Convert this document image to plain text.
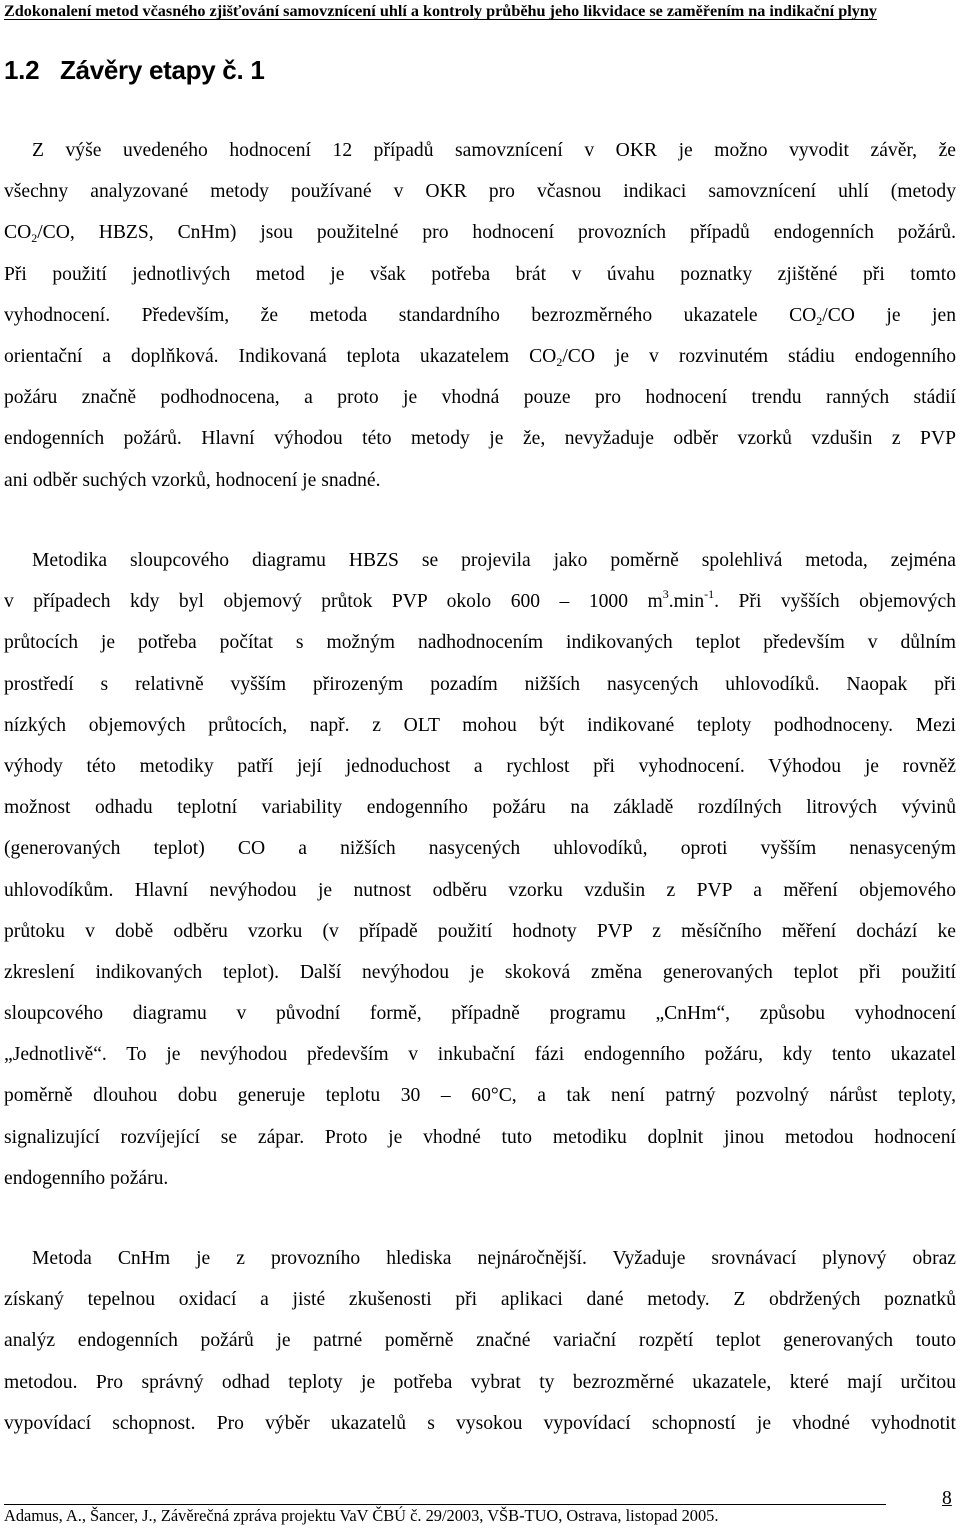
Zdokonalení metod včasného zjišťování samovznícení uhlí a kontroly průběhu jeho likvidace se zaměřením na indikační plyny
1.2 Závěry etapy č. 1
Z výše uvedeného hodnocení 12 případů samovznícení v OKR je možno vyvodit závěr, že
všechny analyzované metody používané v OKR pro včasnou indikaci samovznícení uhlí (metody
$CO_2/CO$, HBZS, CnHm) jsou použitelné pro hodnocení provozních případů endogenních požárů.
Při použití jednotlivých metod je však potřeba brát v úvahu poznatky zjištěné při tomto
vyhodnocení. Především, že metoda standardního bezrozměrného ukazatele $CO_2/CO$ je jen
orientační a doplňková. Indikovaná teplota ukazatelem $CO_2/CO$ je v rozvinutém stádiu endogenního
požáru značně podhodnocena, a proto je vhodná pouze pro hodnocení trendu ranných stádií
endogenních požárů. Hlavní výhodou této metody je že, nevyžaduje odběr vzorků vzdušin z PVP
ani odběr suchých vzorků, hodnocení je snadné.
Metodika sloupcového diagramu HBZS se projevila jako poměrně spolehlivá metoda, zejména
v případech kdy byl objemový průtok PVP okolo 600 – 1000 $m^3.\min^{-1}$. Při vyšších objemových
průtocích je potřeba počítat s možným nadhodnocením indikovaných teplot především v důlním
prostředí s relativně vyšším přirozeným pozadím nižších nasycených uhlovodíků. Naopak při
nízkých objemových průtocích, např. z OLT mohou být indikované teploty podhodnoceny. Mezi
výhody této metodiky patří její jednoduchost a rychlost při vyhodnocení. Výhodou je rovněž
možnost odhadu teplotní variability endogenního požáru na základě rozdílných litrových vývinů
(generovaných teplot) CO a nižších nasycených uhlovodíků, oproti vyšším nenasyceným
uhlovodíkům. Hlavní nevýhodou je nutnost odběru vzorku vzdušin z PVP a měření objemového
průtoku v době odběru vzorku (v případě použití hodnoty PVP z měsíčního měření dochází ke
zkreslení indikovaných teplot). Další nevýhodou je skoková změna generovaných teplot při použití
sloupcového diagramu v původní formě, případně programu „CnHm“, způsobu vyhodnocení
„Jednotlivě“. To je nevýhodou především v inkubační fázi endogenního požáru, kdy tento ukazatel
poměrně dlouhou dobu generuje teplotu 30 – 60°C, a tak není patrný pozvolný nárůst teploty,
signalizující rozvíjející se zápar. Proto je vhodné tuto metodiku doplnit jinou metodou hodnocení
endogenního požáru.
Metoda CnHm je z provozního hlediska nejnáročnější. Vyžaduje srovnávací plynový obraz
získaný tepelnou oxidací a jisté zkušenosti při aplikaci dané metody. Z obdržených poznatků
analýz endogenních požárů je patrné poměrně značné variační rozpětí teplot generovaných touto
metodou. Pro správný odhad teploty je potřeba vybrat ty bezrozměrné ukazatele, které mají určitou
vypovídací schopnost. Pro výběr ukazatelů s vysokou vypovídací schopností je vhodné vyhodnotit
Adamus, A., Šancer, J., Závěrečná zpráva projektu VaV ČBÚ č. 29/2003, VŠB-TUO, Ostrava, listopad 2005.
8
